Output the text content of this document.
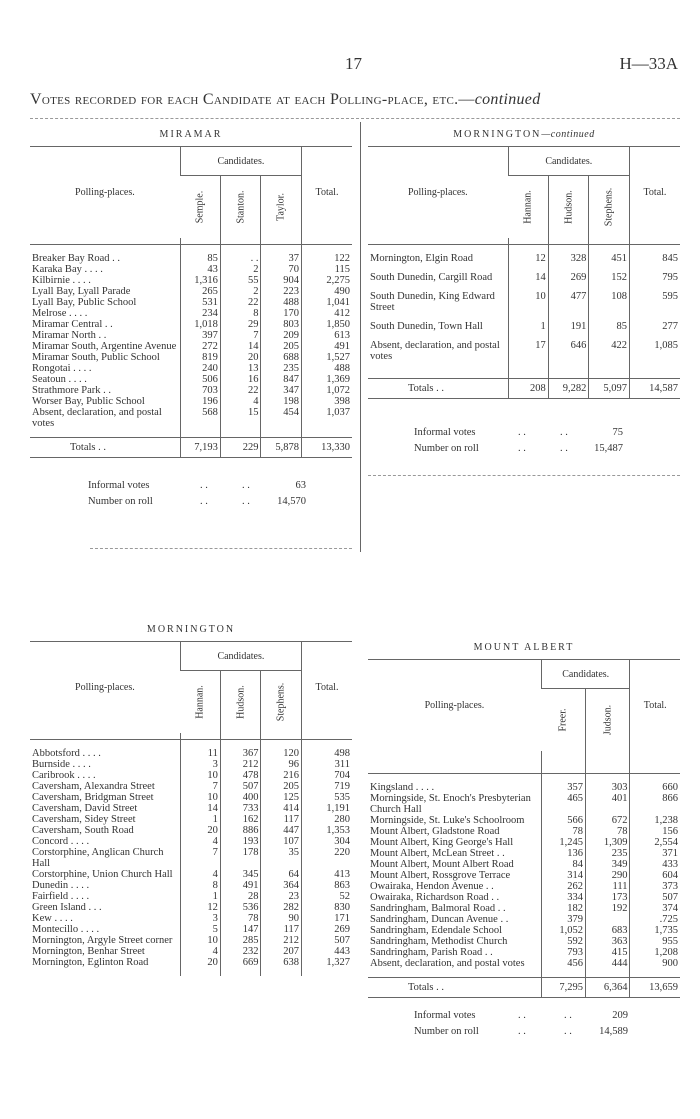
17	H—33A
Votes recorded for each Candidate at each Polling-place, etc.—continued
MIRAMAR
Polling-places.	Candidates.			Total.

	Semple.	Stanton.	Taylor.	

Breaker Bay Road . .	85	. .	37	122
Karaka Bay . . . .	43	2	70	115
Kilbirnie . . . .	1,316	55	904	2,275
Lyall Bay, Lyall Parade	265	2	223	490
Lyall Bay, Public School	531	22	488	1,041
Melrose . . . .	234	8	170	412
Miramar Central . .	1,018	29	803	1,850
Miramar North . .	397	7	209	613
Miramar South, Argentine Avenue	272	14	205	491
Miramar South, Public School	819	20	688	1,527
Rongotai . . . .	240	13	235	488
Seatoun . . . .	506	16	847	1,369
Strathmore Park . .	703	22	347	1,072
Worser Bay, Public School	196	4	198	398
Absent, declaration, and postal votes	568	15	454	1,037

Totals . .	7,193	229	5,878	13,330
Informal votes	. .	. .	63
Number on roll	. .	. .	14,570
MORNINGTON—continued
Polling-places.	Candidates.			Total.

	Hannan.	Hudson.	Stephens.	

Mornington, Elgin Road	12	328	451	845

South Dunedin, Cargill Road	14	269	152	795

South Dunedin, King Edward Street	10	477	108	595

South Dunedin, Town Hall	1	191	85	277

Absent, declaration, and postal votes	17	646	422	1,085

Totals . .	208	9,282	5,097	14,587
Informal votes	. .	. .	75
Number on roll	. .	. .	15,487
MORNINGTON
Polling-places.	Candidates.			Total.

	Hannan.	Hudson.	Stephens.	

Abbotsford . . . .	11	367	120	498
Burnside . . . .	3	212	96	311
Caribrook . . . .	10	478	216	704
Caversham, Alexandra Street	7	507	205	719
Caversham, Bridgman Street	10	400	125	535
Caversham, David Street	14	733	414	1,191
Caversham, Sidey Street	1	162	117	280
Caversham, South Road	20	886	447	1,353
Concord . . . .	4	193	107	304
Corstorphine, Anglican Church Hall	7	178	35	220
Corstorphine, Union Church Hall	4	345	64	413
Dunedin . . . .	8	491	364	863
Fairfield . . . .	1	28	23	52
Green Island . . .	12	536	282	830
Kew . . . .	3	78	90	171
Montecillo . . . .	5	147	117	269
Mornington, Argyle Street corner	10	285	212	507
Mornington, Benhar Street	4	232	207	443
Mornington, Eglinton Road	20	669	638	1,327

MOUNT ALBERT
Polling-places.	Candidates.		Total.

	Freer.	Judson.	

Kingsland . . . .	357	303	660
Morningside, St. Enoch's Presbyterian Church Hall	465	401	866
Morningside, St. Luke's Schoolroom	566	672	1,238
Mount Albert, Gladstone Road	78	78	156
Mount Albert, King George's Hall	1,245	1,309	2,554
Mount Albert, McLean Street . .	136	235	371
Mount Albert, Mount Albert Road	84	349	433
Mount Albert, Rossgrove Terrace	314	290	604
Owairaka, Hendon Avenue . .	262	111	373
Owairaka, Richardson Road . .	334	173	507
Sandringham, Balmoral Road . .	182	192	374
Sandringham, Duncan Avenue . .	379		.725
Sandringham, Edendale School	1,052	683	1,735
Sandringham, Methodist Church	592	363	955
Sandringham, Parish Road . .	793	415	1,208
Absent, declaration, and postal votes	456	444	900

Totals . .	7,295	6,364	13,659
Informal votes	. .	. .	209
Number on roll	. .	. .	14,589
